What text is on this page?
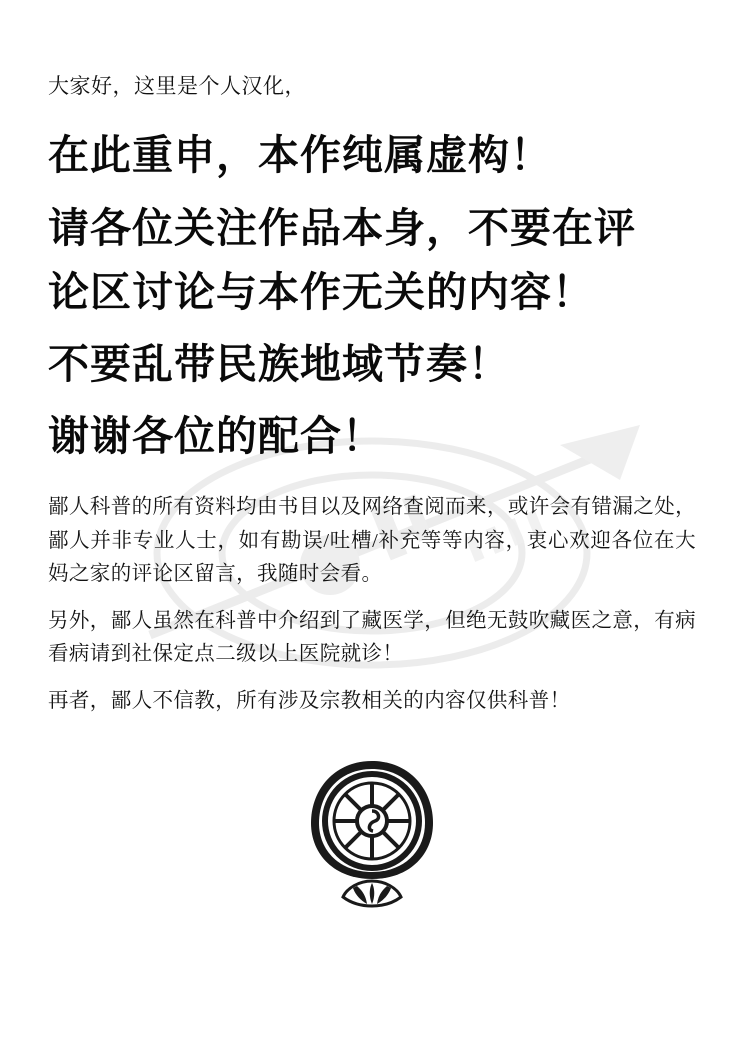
大家好，这里是个人汉化，
在此重申，本作纯属虚构！
请各位关注作品本身，不要在评
论区讨论与本作无关的内容！
不要乱带民族地域节奏！
谢谢各位的配合！

鄙人科普的所有资料均由书目以及网络查阅而来，或许会有错漏之处，鄙人并非专业人士，如有勘误/吐槽/补充等等内容，衷心欢迎各位在大妈之家的评论区留言，我随时会看。

另外，鄙人虽然在科普中介绍到了藏医学，但绝无鼓吹藏医之意，有病看病请到社保定点二级以上医院就诊！

再者，鄙人不信教，所有涉及宗教相关的内容仅供科普！
